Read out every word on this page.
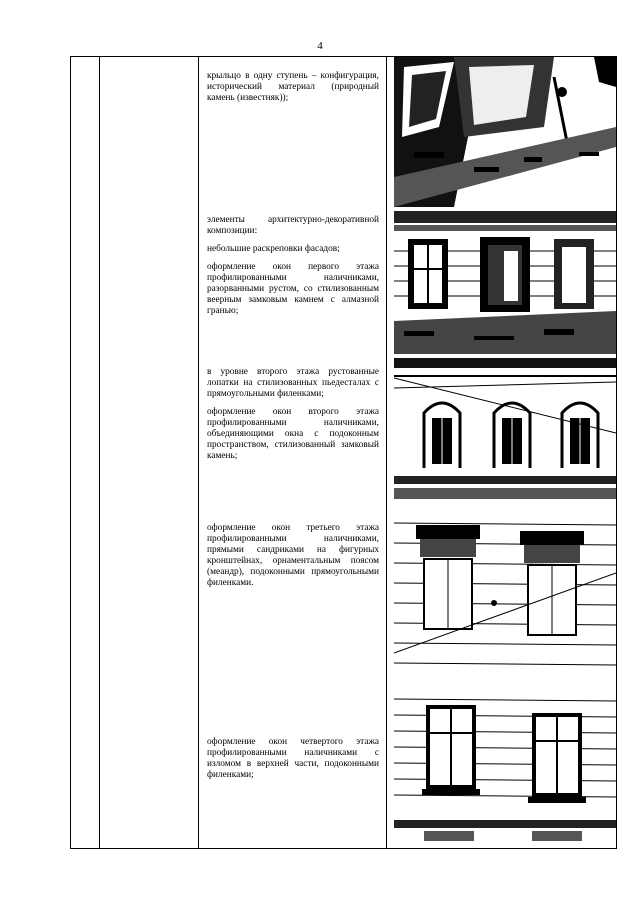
4

крыльцо в одну ступень – конфигурация, исторический материал (природный камень (известняк));

элементы архитектурно-декоративной композиции:

небольшие раскреповки фасадов;

оформление окон первого этажа профилированными наличниками, разорванными рустом, со стилизованным веерным замковым камнем с алмазной гранью;

в уровне второго этажа рустованные лопатки на стилизованных пьедесталах с прямоугольными филенками;

оформление окон второго этажа профилированными наличниками, объединяющими окна с подоконным пространством, стилизованный замковый камень;

оформление окон третьего этажа профилированными наличниками, прямыми сандриками на фигурных кронштейнах, орнаментальным поясом (меандр), подоконными прямоугольными филенками.

оформление окон четвертого этажа профилированными наличниками с изломом в верхней части, подоконными филенками;
